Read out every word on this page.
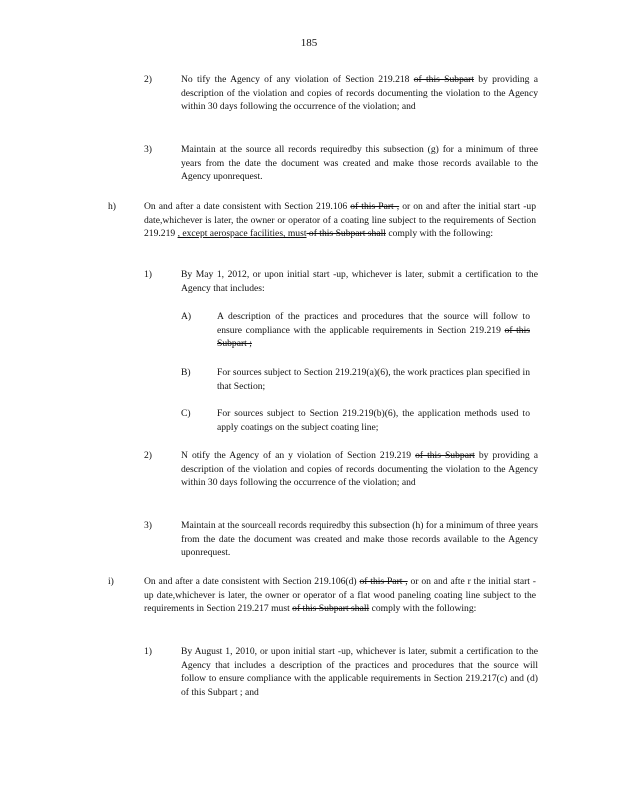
185
2)	No tify the Agency of any violation of Section 219.218 of this Subpart by providing a description of the violation and copies of records documenting the violation to the Agency within 30 days following the occurrence of the violation; and
3)	Maintain at the source all records requiredby this subsection (g) for a minimum of three years from the date the document was created and make those records available to the Agency uponrequest.
h)	On and after a date consistent with Section 219.106 of this Part , or on and after the initial start -up date,whichever is later, the owner or operator of a coating line subject to the requirements of Section 219.219 , except aerospace facilities, must of this Subpart shall comply with the following:
1)	By May 1, 2012, or upon initial start -up, whichever is later, submit a certification to the Agency that includes:
A)	A description of the practices and procedures that the source will follow to ensure compliance with the applicable requirements in Section 219.219 of this Subpart ;
B)	For sources subject to Section 219.219(a)(6), the work practices plan specified in that Section;
C)	For sources subject to Section 219.219(b)(6), the application methods used to apply coatings on the subject coating line;
2)	N otify the Agency of an y violation of Section 219.219 of this Subpart by providing a description of the violation and copies of records documenting the violation to the Agency within 30 days following the occurrence of the violation; and
3)	Maintain at the sourceall records requiredby this subsection (h) for a minimum of three years from the date the document was created and make those records available to the Agency uponrequest.
i)	On and after a date consistent with Section 219.106(d) of this Part , or on and afte r the initial start -up date,whichever is later, the owner or operator of a flat wood paneling coating line subject to the requirements in Section 219.217 must of this Subpart shall comply with the following:
1)	By August 1, 2010, or upon initial start -up, whichever is later, submit a certification to the Agency that includes a description of the practices and procedures that the source will follow to ensure compliance with the applicable requirements in Section 219.217(c) and (d) of this Subpart ; and
